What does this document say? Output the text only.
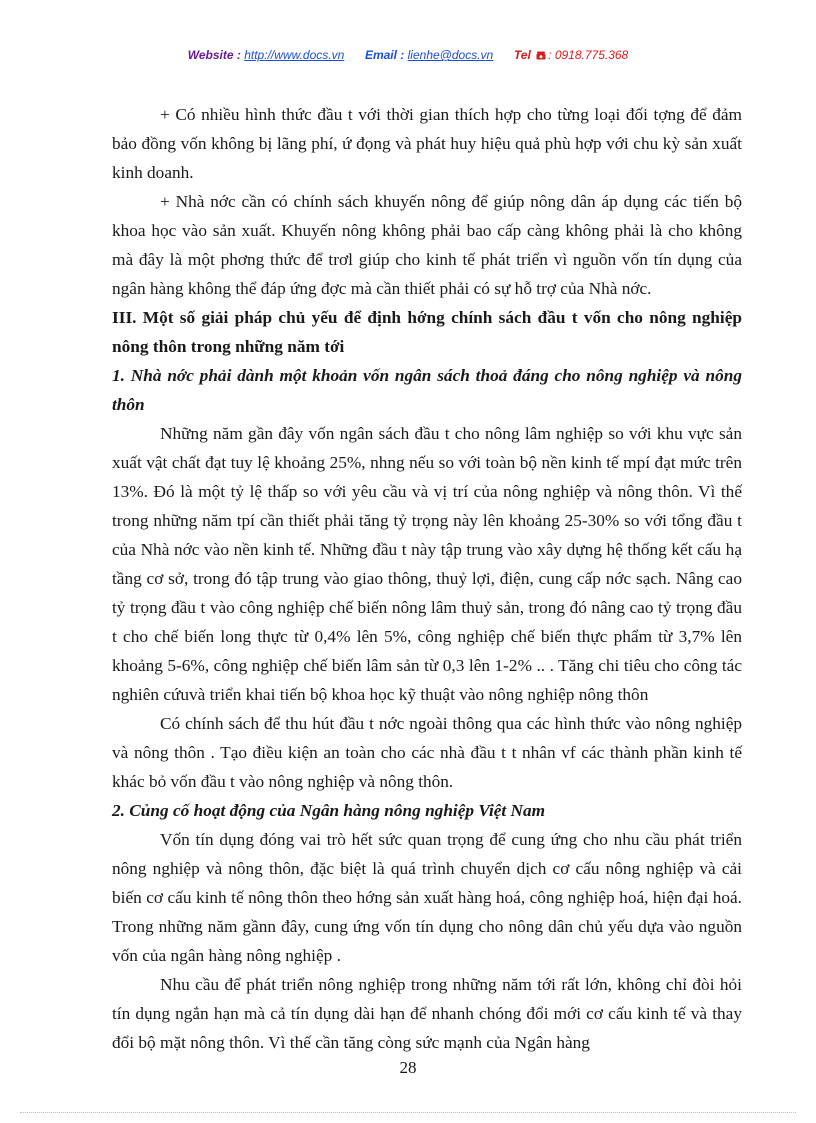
Website : http://www.docs.vn Email : lienhe@docs.vn Tel : 0918.775.368

+ Có nhiều hình thức đầu t với thời gian thích hợp cho từng loại đối tợng để đảm bảo đồng vốn không bị lãng phí, ứ đọng và phát huy hiệu quả phù hợp với chu kỳ sản xuất kinh doanh.

+ Nhà nớc cần có chính sách khuyến nông để giúp nông dân áp dụng các tiến bộ khoa học vào sản xuất. Khuyến nông không phải bao cấp càng không phải là cho không mà đây là một phơng thức để trơl giúp cho kinh tế phát triển vì nguồn vốn tín dụng của ngân hàng không thể đáp ứng đợc mà cần thiết phải có sự hỗ trợ của Nhà nớc.

III. Một số giải pháp chủ yếu để định hớng chính sách đầu t vốn cho nông nghiệp nông thôn trong những năm tới

1. Nhà nớc phải dành một khoản vốn ngân sách thoả đáng cho nông nghiệp và nông thôn

Những năm gần đây vốn ngân sách đầu t cho nông lâm nghiệp so với khu vực sản xuất vật chất đạt tuy lệ khoảng 25%, nhng nếu so với toàn bộ nền kinh tế mpí đạt mức trên 13%. Đó là một tỷ lệ thấp so với yêu cầu và vị trí của nông nghiệp và nông thôn. Vì thế trong những năm tpí cần thiết phải tăng tỷ trọng này lên khoảng 25-30% so với tổng đầu t của Nhà nớc vào nền kinh tế. Những đầu t này tập trung vào xây dựng hệ thống kết cấu hạ tầng cơ sở, trong đó tập trung vào giao thông, thuỷ lợi, điện, cung cấp nớc sạch. Nâng cao tỷ trọng đầu t vào công nghiệp chế biến nông lâm thuỷ sản, trong đó nâng cao tỷ trọng đầu t cho chế biến long thực từ 0,4% lên 5%, công nghiệp chế biến thực phẩm từ 3,7% lên khoảng 5-6%, công nghiệp chế biến lâm sản từ 0,3 lên 1-2% .. . Tăng chi tiêu cho công tác nghiên cứuvà triển khai tiến bộ khoa học kỹ thuật vào nông nghiệp nông thôn

Có chính sách để thu hút đầu t nớc ngoài thông qua các hình thức vào nông nghiệp và nông thôn . Tạo điều kiện an toàn cho các nhà đầu t t nhân vf các thành phần kinh tế khác bỏ vốn đầu t vào nông nghiệp và nông thôn.

2. Củng cố hoạt động của Ngân hàng nông nghiệp Việt Nam

Vốn tín dụng đóng vai trò hết sức quan trọng để cung ứng cho nhu cầu phát triển nông nghiệp và nông thôn, đặc biệt là quá trình chuyển dịch cơ cấu nông nghiệp và cải biến cơ cấu kinh tế nông thôn theo hớng sản xuất hàng hoá, công nghiệp hoá, hiện đại hoá. Trong những năm gầnn đây, cung ứng vốn tín dụng cho nông dân chủ yếu dựa vào nguồn vốn của ngân hàng nông nghiệp .

Nhu cầu để phát triển nông nghiệp trong những năm tới rất lớn, không chỉ đòi hỏi tín dụng ngắn hạn mà cả tín dụng dài hạn để nhanh chóng đổi mới cơ cấu kinh tế và thay đổi bộ mặt nông thôn. Vì thế cần tăng còng sức mạnh của Ngân hàng

28
